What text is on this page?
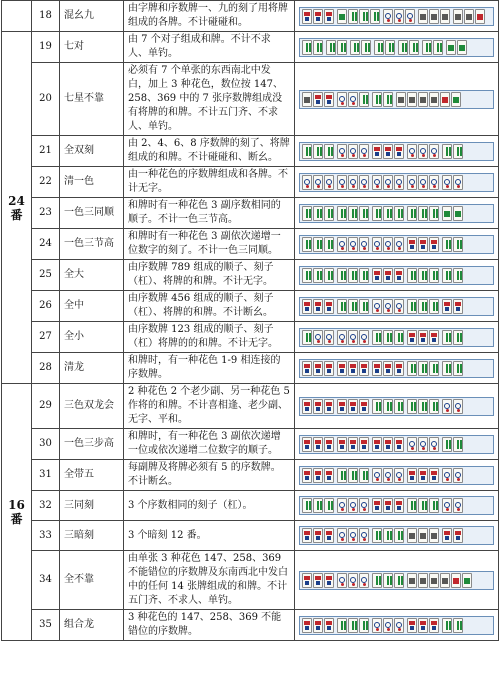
	18	混幺九	由字牌和序数牌一、九的刻了用将牌组成的各牌。不计碰碰和。	

24番	19	七对	由 7 个对子组成和牌。不计不求人、单钓。	

	20	七星不靠	必须有 7 个单张的东西南北中发白，加上 3 种花色，数位按 147、258、369 中的 7 张序数牌组成没有将牌的和牌。不计五门齐、不求人、单钓。	

	21	全双刻	由 2、4、6、8 序数牌的刻了、将牌组成的和牌。不计碰碰和、断幺。	

	22	清一色	由一种花色的序数牌组成和各牌。不计无字。	

	23	一色三同顺	和牌时有一种花色 3 副序数相同的顺子。不计一色三节高。	

	24	一色三节高	和牌时有一种花色 3 副依次递增一位数字的刻了。不计一色三同顺。	

	25	全大	由序数牌 789 组成的顺子、刻子（杠）、将牌的和牌。不计无字。	

	26	全中	由序数牌 456 组成的顺子、刻子（杠）、将牌的和牌。不计断幺。	

	27	全小	由序数牌 123 组成的顺子、刻子（杠）将牌的的和牌。不计无字。	

	28	清龙	和牌时，有一种花色 1-9 相连接的序数牌。	

16番	29	三色双龙会	2 种花色 2 个老少副、另一种花色 5 作将的和牌。不计喜相逢、老少副、无字、平和。	

	30	一色三步高	和牌时，有一种花色 3 副依次递增一位或依次递增二位数字的顺子。	

	31	全带五	每副牌及将牌必须有 5 的序数牌。不计断幺。	

	32	三同刻	3 个序数相同的刻子（杠）。	

	33	三暗刻	3 个暗刻 12 番。	

	34	全不靠	由单张 3 种花色 147、258、369 不能错位的序数牌及东南西北中发白中的任何 14 张牌组成的和牌。不计五门齐、不求人、单钓。	

	35	组合龙	3 种花色的 147、258、369 不能错位的序数牌。	
